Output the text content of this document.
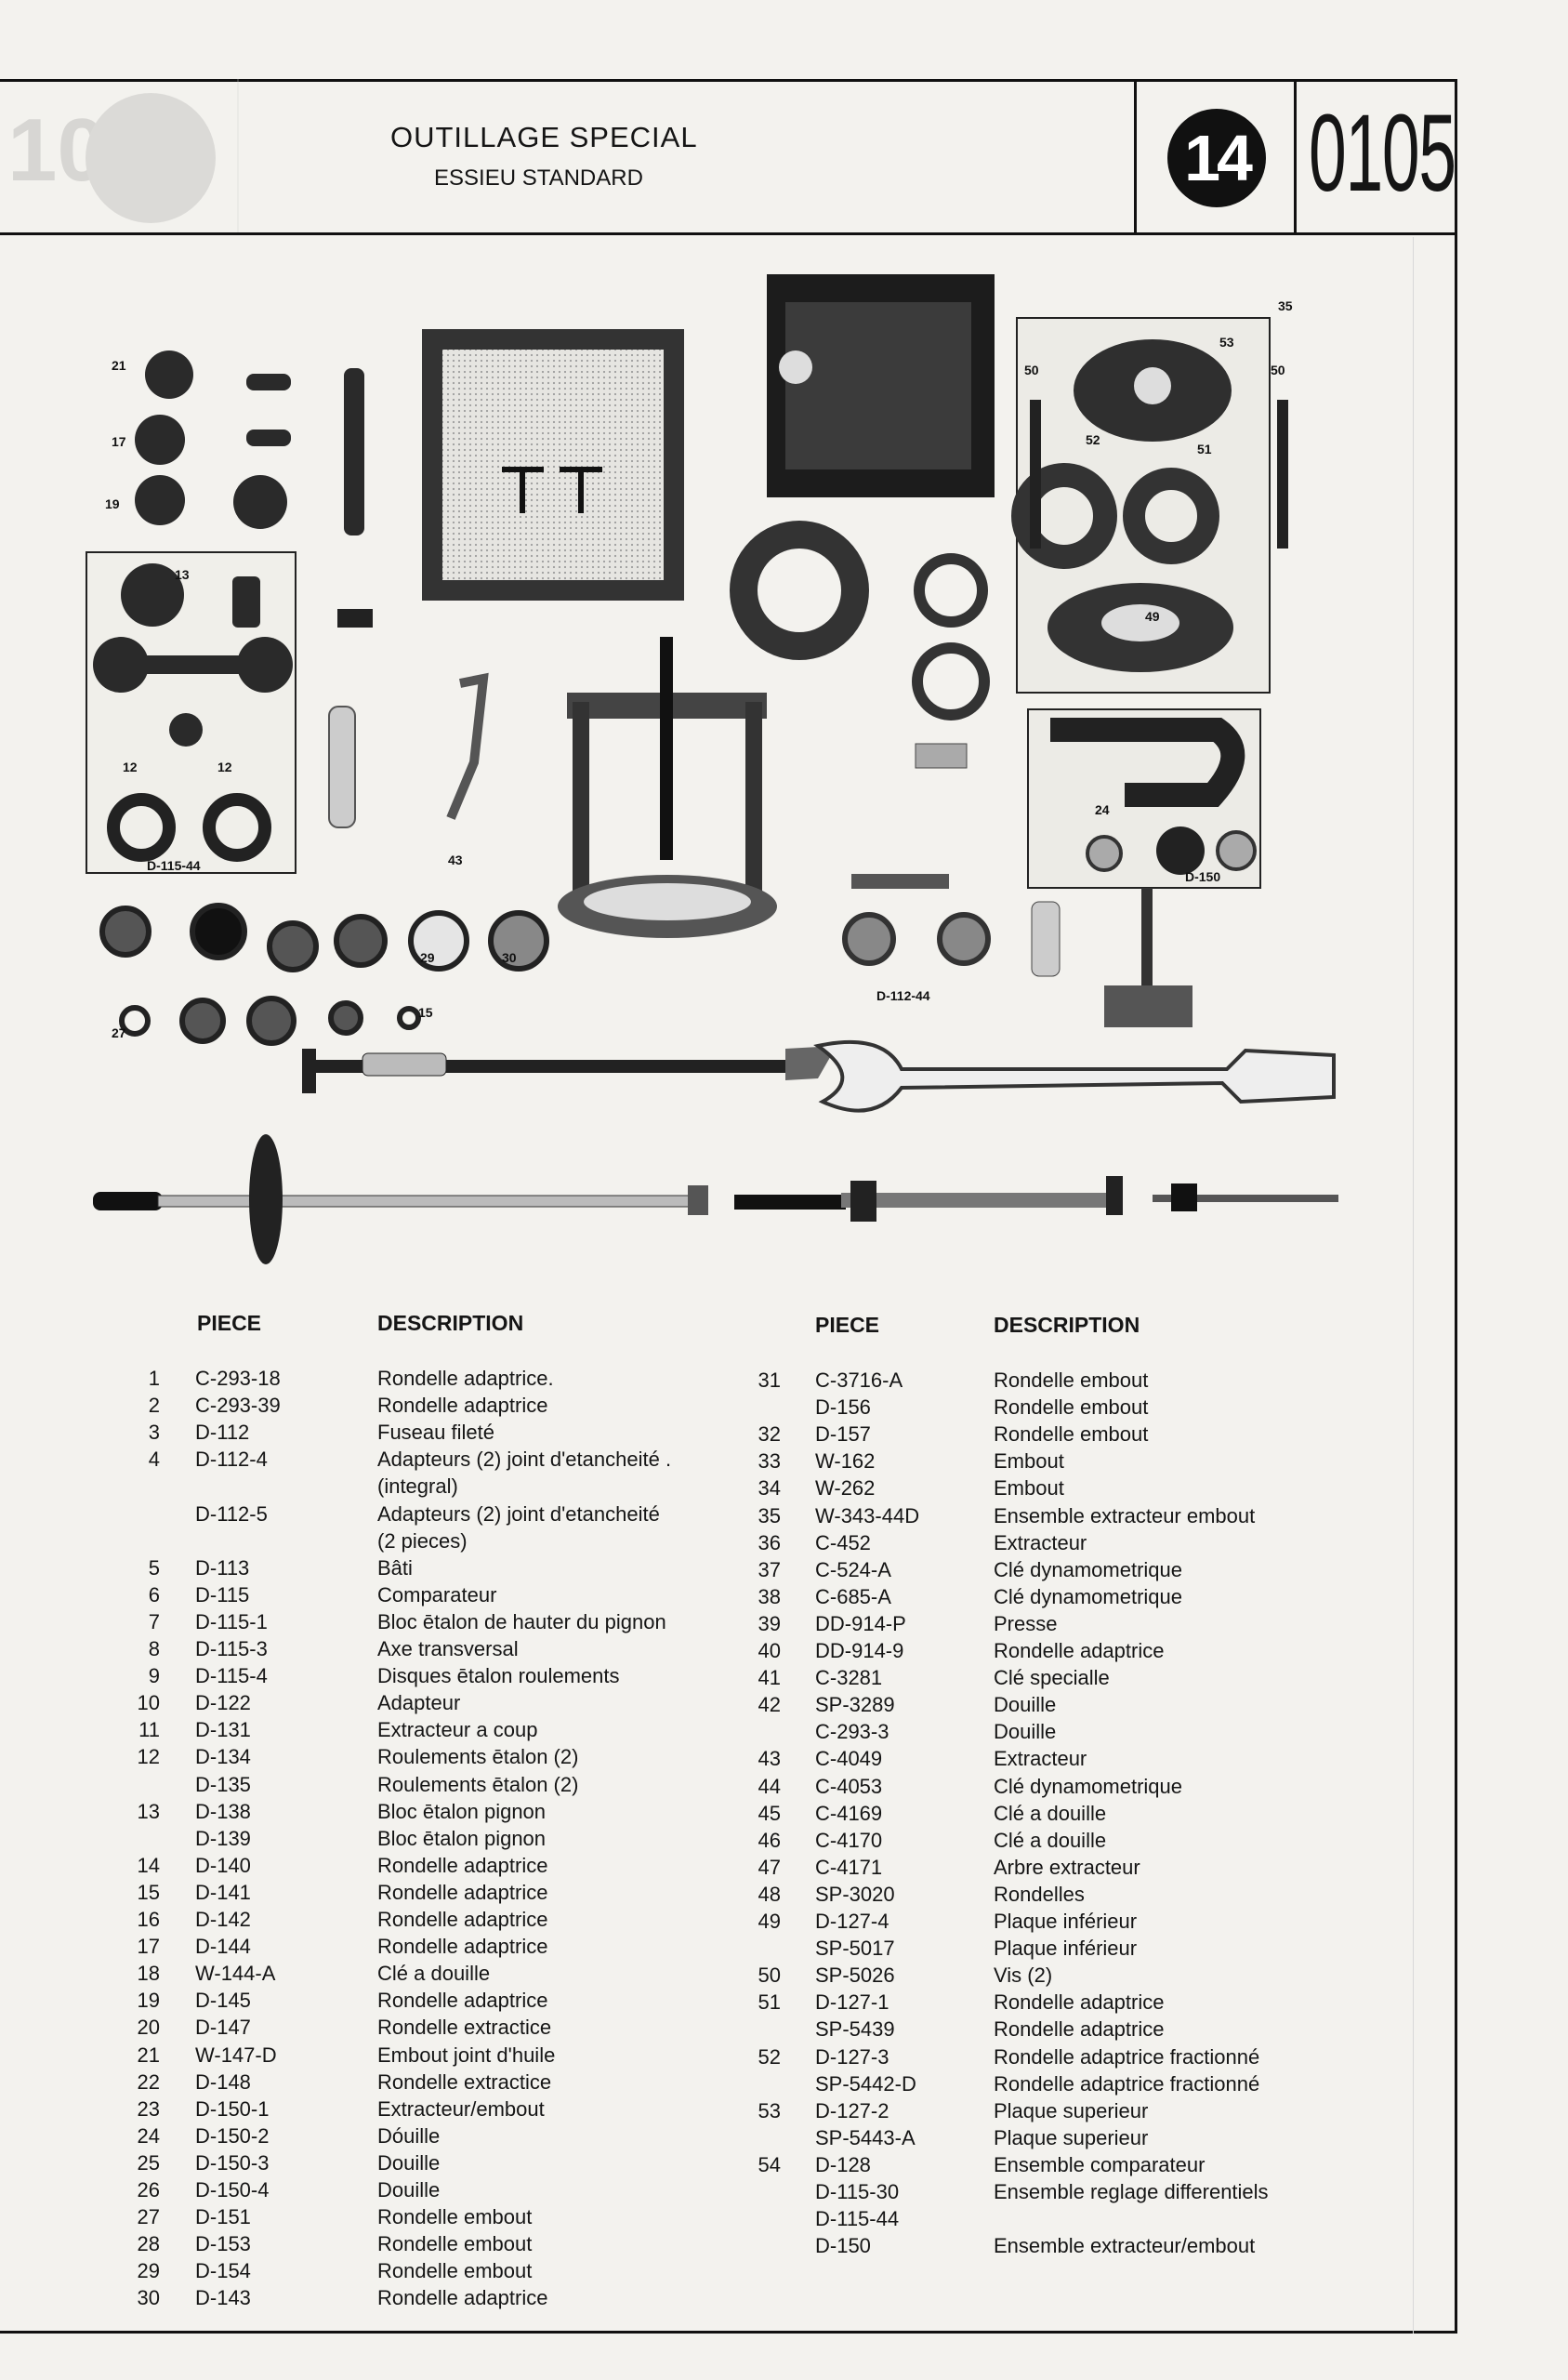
10	OUTILLAGE SPECIAL
ESSIEU STANDARD	14 0105
21
17
19
13
12	12
D-115-44	43
35
53
50	50
52
51
49
24
D-150
27
15
29	30
D-112-44
PIECE	DESCRIPTION	PIECE	DESCRIPTION
1 C-293-18	Rondelle adaptrice.
2 C-293-39	Rondelle adaptrice
3 D-112	Fuseau fileté
4 D-112-4	Adapteurs (2) joint d'etancheité .
(integral)
D-112-5	Adapteurs (2) joint d'etancheité
(2 pieces)
5 D-113	Bâti
6 D-115	Comparateur
7 D-115-1	Bloc ētalon de hauter du pignon
8 D-115-3	Axe transversal
9 D-115-4	Disques ētalon roulements
10 D-122	Adapteur
11 D-131	Extracteur a coup
12 D-134	Roulements ētalon (2)
D-135	Roulements ētalon (2)
13 D-138	Bloc ētalon pignon
D-139	Bloc ētalon pignon
14 D-140	Rondelle adaptrice
15 D-141	Rondelle adaptrice
16 D-142	Rondelle adaptrice
17 D-144	Rondelle adaptrice
18 W-144-A	Clé a douille
19 D-145	Rondelle adaptrice
20 D-147	Rondelle extractice
21 W-147-D	Embout joint d'huile
22 D-148	Rondelle extractice
23 D-150-1	Extracteur/embout
24 D-150-2	Dóuille
25 D-150-3	Douille
26 D-150-4	Douille
27 D-151	Rondelle embout
28 D-153	Rondelle embout
29 D-154	Rondelle embout
30 D-143	Rondelle adaptrice
31 C-3716-A	Rondelle embout
D-156	Rondelle embout
32 D-157	Rondelle embout
33 W-162	Embout
34 W-262	Embout
35 W-343-44D	Ensemble extracteur embout
36 C-452	Extracteur
37 C-524-A	Clé dynamometrique
38 C-685-A	Clé dynamometrique
39 DD-914-P	Presse
40 DD-914-9	Rondelle adaptrice
41 C-3281	Clé specialle
42 SP-3289	Douille
C-293-3	Douille
43 C-4049	Extracteur
44 C-4053	Clé dynamometrique
45 C-4169	Clé a douille
46 C-4170	Clé a douille
47 C-4171	Arbre extracteur
48 SP-3020	Rondelles
49 D-127-4	Plaque inférieur
SP-5017	Plaque inférieur
50 SP-5026	Vis (2)
51 D-127-1	Rondelle adaptrice
SP-5439	Rondelle adaptrice
52 D-127-3	Rondelle adaptrice fractionné
SP-5442-D	Rondelle adaptrice fractionné
53 D-127-2	Plaque superieur
SP-5443-A	Plaque superieur
54 D-128	Ensemble comparateur
D-115-30	Ensemble reglage differentiels
D-115-44
D-150	Ensemble extracteur/embout
